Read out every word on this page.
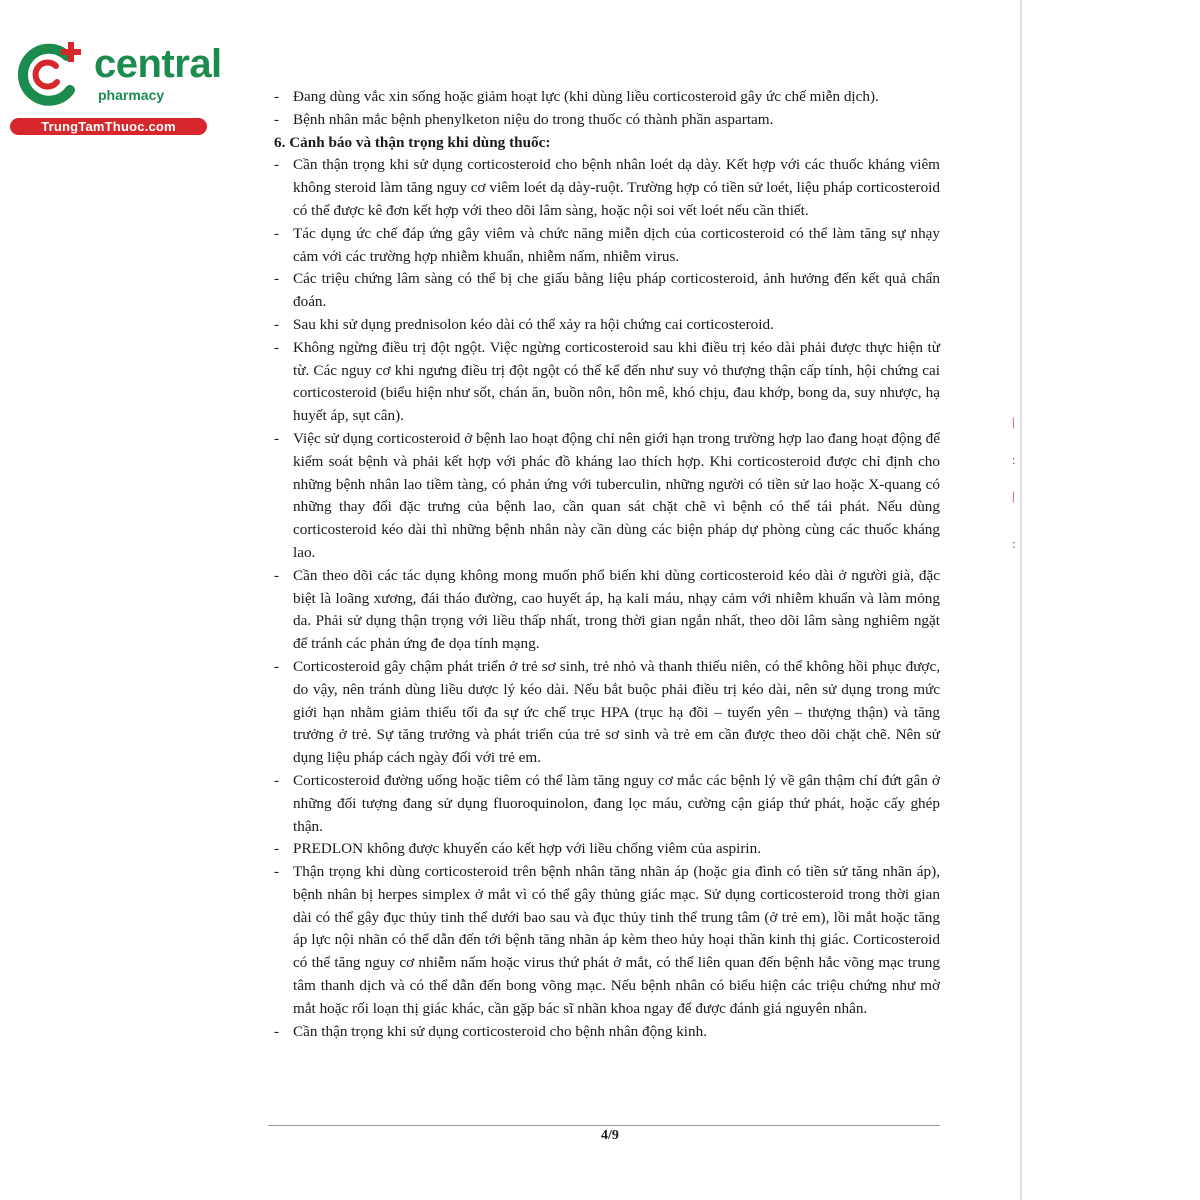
|
:
|
:
central
pharmacy
TrungTamThuoc.com

- Đang dùng vắc xin sống hoặc giảm hoạt lực (khi dùng liều corticosteroid gây ức chế miễn dịch).

- Bệnh nhân mắc bệnh phenylketon niệu do trong thuốc có thành phần aspartam.

6. Cảnh báo và thận trọng khi dùng thuốc:

- Cần thận trọng khi sử dụng corticosteroid cho bệnh nhân loét dạ dày. Kết hợp với các thuốc kháng viêm không steroid làm tăng nguy cơ viêm loét dạ dày-ruột. Trường hợp có tiền sử loét, liệu pháp corticosteroid có thể được kê đơn kết hợp với theo dõi lâm sàng, hoặc nội soi vết loét nếu cần thiết.

- Tác dụng ức chế đáp ứng gây viêm và chức năng miễn dịch của corticosteroid có thể làm tăng sự nhạy cảm với các trường hợp nhiễm khuẩn, nhiễm nấm, nhiễm virus.

- Các triệu chứng lâm sàng có thể bị che giấu bằng liệu pháp corticosteroid, ảnh hưởng đến kết quả chẩn đoán.

- Sau khi sử dụng prednisolon kéo dài có thể xảy ra hội chứng cai corticosteroid.

- Không ngừng điều trị đột ngột. Việc ngừng corticosteroid sau khi điều trị kéo dài phải được thực hiện từ từ. Các nguy cơ khi ngưng điều trị đột ngột có thể kể đến như suy vỏ thượng thận cấp tính, hội chứng cai corticosteroid (biểu hiện như sốt, chán ăn, buồn nôn, hôn mê, khó chịu, đau khớp, bong da, suy nhược, hạ huyết áp, sụt cân).

- Việc sử dụng corticosteroid ở bệnh lao hoạt động chỉ nên giới hạn trong trường hợp lao đang hoạt động để kiểm soát bệnh và phải kết hợp với phác đồ kháng lao thích hợp. Khi corticosteroid được chỉ định cho những bệnh nhân lao tiềm tàng, có phản ứng với tuberculin, những người có tiền sử lao hoặc X-quang có những thay đổi đặc trưng của bệnh lao, cần quan sát chặt chẽ vì bệnh có thể tái phát. Nếu dùng corticosteroid kéo dài thì những bệnh nhân này cần dùng các biện pháp dự phòng cùng các thuốc kháng lao.

- Cần theo dõi các tác dụng không mong muốn phổ biến khi dùng corticosteroid kéo dài ở người già, đặc biệt là loãng xương, đái tháo đường, cao huyết áp, hạ kali máu, nhạy cảm với nhiễm khuẩn và làm mỏng da. Phải sử dụng thận trọng với liều thấp nhất, trong thời gian ngắn nhất, theo dõi lâm sàng nghiêm ngặt để tránh các phản ứng đe dọa tính mạng.

- Corticosteroid gây chậm phát triển ở trẻ sơ sinh, trẻ nhỏ và thanh thiếu niên, có thể không hồi phục được, do vậy, nên tránh dùng liều dược lý kéo dài. Nếu bắt buộc phải điều trị kéo dài, nên sử dụng trong mức giới hạn nhằm giảm thiểu tối đa sự ức chế trục HPA (trục hạ đồi – tuyến yên – thượng thận) và tăng trưởng ở trẻ. Sự tăng trưởng và phát triển của trẻ sơ sinh và trẻ em cần được theo dõi chặt chẽ. Nên sử dụng liệu pháp cách ngày đối với trẻ em.

- Corticosteroid đường uống hoặc tiêm có thể làm tăng nguy cơ mắc các bệnh lý về gân thậm chí đứt gân ở những đối tượng đang sử dụng fluoroquinolon, đang lọc máu, cường cận giáp thứ phát, hoặc cấy ghép thận.

- PREDLON không được khuyến cáo kết hợp với liều chống viêm của aspirin.

- Thận trọng khi dùng corticosteroid trên bệnh nhân tăng nhãn áp (hoặc gia đình có tiền sử tăng nhãn áp), bệnh nhân bị herpes simplex ở mắt vì có thể gây thủng giác mạc. Sử dụng corticosteroid trong thời gian dài có thể gây đục thủy tinh thể dưới bao sau và đục thủy tinh thể trung tâm (ở trẻ em), lồi mắt hoặc tăng áp lực nội nhãn có thể dẫn đến tới bệnh tăng nhãn áp kèm theo hủy hoại thần kinh thị giác. Corticosteroid có thể tăng nguy cơ nhiễm nấm hoặc virus thứ phát ở mắt, có thể liên quan đến bệnh hắc võng mạc trung tâm thanh dịch và có thể dẫn đến bong võng mạc. Nếu bệnh nhân có biểu hiện các triệu chứng như mờ mắt hoặc rối loạn thị giác khác, cần gặp bác sĩ nhãn khoa ngay để được đánh giá nguyên nhân.

- Cần thận trọng khi sử dụng corticosteroid cho bệnh nhân động kinh.

4/9
